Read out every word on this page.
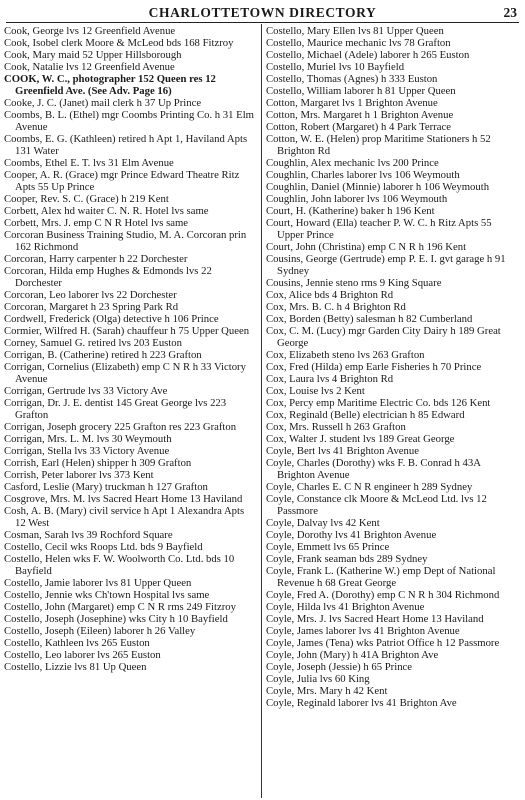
CHARLOTTETOWN DIRECTORY	23
Cook, George lvs 12 Greenfield Avenue
Cook, Isobel clerk Moore & McLeod bds 168 Fitzroy
Cook, Mary maid 52 Upper Hillsborough
Cook, Natalie lvs 12 Greenfield Avenue
COOK, W. C., photographer 152 Queen res 12 Greenfield Ave. (See Adv. Page 16)
Cooke, J. C. (Janet) mail clerk h 37 Up Prince
Coombs, B. L. (Ethel) mgr Coombs Printing Co. h 31 Elm Avenue
Coombs, E. G. (Kathleen) retired h Apt 1, Haviland Apts 131 Water
Coombs, Ethel E. T. lvs 31 Elm Avenue
Cooper, A. R. (Grace) mgr Prince Edward Theatre Ritz Apts 55 Up Prince
Cooper, Rev. S. C. (Grace) h 219 Kent
Corbett, Alex hd waiter C. N. R. Hotel lvs same
Corbett, Mrs. J. emp C N R Hotel lvs same
Corcoran Business Training Studio, M. A. Corcoran prin 162 Richmond
Corcoran, Harry carpenter h 22 Dorchester
Corcoran, Hilda emp Hughes & Edmonds lvs 22 Dorchester
Corcoran, Leo laborer lvs 22 Dorchester
Corcoran, Margaret h 23 Spring Park Rd
Cordwell, Frederick (Olga) detective h 106 Prince
Cormier, Wilfred H. (Sarah) chauffeur h 75 Upper Queen
Corney, Samuel G. retired lvs 203 Euston
Corrigan, B. (Catherine) retired h 223 Grafton
Corrigan, Cornelius (Elizabeth) emp C N R h 33 Victory Avenue
Corrigan, Gertrude lvs 33 Victory Ave
Corrigan, Dr. J. E. dentist 145 Great George lvs 223 Grafton
Corrigan, Joseph grocery 225 Grafton res 223 Grafton
Corrigan, Mrs. L. M. lvs 30 Weymouth
Corrigan, Stella lvs 33 Victory Avenue
Corrish, Earl (Helen) shipper h 309 Grafton
Corrish, Peter laborer lvs 373 Kent
Casford, Leslie (Mary) truckman h 127 Grafton
Cosgrove, Mrs. M. lvs Sacred Heart Home 13 Haviland
Cosh, A. B. (Mary) civil service h Apt 1 Alexandra Apts 12 West
Cosman, Sarah lvs 39 Rochford Square
Costello, Cecil wks Roops Ltd. bds 9 Bayfield
Costello, Helen wks F. W. Woolworth Co. Ltd. bds 10 Bayfield
Costello, Jamie laborer lvs 81 Upper Queen
Costello, Jennie wks Ch'town Hospital lvs same
Costello, John (Margaret) emp C N R rms 249 Fitzroy
Costello, Joseph (Josephine) wks City h 10 Bayfield
Costello, Joseph (Eileen) laborer h 26 Valley
Costello, Kathleen lvs 265 Euston
Costello, Leo laborer lvs 265 Euston
Costello, Lizzie lvs 81 Up Queen
Costello, Mary Ellen lvs 81 Upper Queen
Costello, Maurice mechanic lvs 78 Grafton
Costello, Michael (Adele) laborer h 265 Euston
Costello, Muriel lvs 10 Bayfield
Costello, Thomas (Agnes) h 333 Euston
Costello, William laborer h 81 Upper Queen
Cotton, Margaret lvs 1 Brighton Avenue
Cotton, Mrs. Margaret h 1 Brighton Avenue
Cotton, Robert (Margaret) h 4 Park Terrace
Cotton, W. E. (Helen) prop Maritime Stationers h 52 Brighton Rd
Coughlin, Alex mechanic lvs 200 Prince
Coughlin, Charles laborer lvs 106 Weymouth
Coughlin, Daniel (Minnie) laborer h 106 Weymouth
Coughlin, John laborer lvs 106 Weymouth
Court, H. (Katherine) baker h 196 Kent
Court, Howard (Ella) teacher P. W. C. h Ritz Apts 55 Upper Prince
Court, John (Christina) emp C N R h 196 Kent
Cousins, George (Gertrude) emp P. E. I. gvt garage h 91 Sydney
Cousins, Jennie steno rms 9 King Square
Cox, Alice bds 4 Brighton Rd
Cox, Mrs. B. C. h 4 Brighton Rd
Cox, Borden (Betty) salesman h 82 Cumberland
Cox, C. M. (Lucy) mgr Garden City Dairy h 189 Great George
Cox, Elizabeth steno lvs 263 Grafton
Cox, Fred (Hilda) emp Earle Fisheries h 70 Prince
Cox, Laura lvs 4 Brighton Rd
Cox, Louise lvs 2 Kent
Cox, Percy emp Maritime Electric Co. bds 126 Kent
Cox, Reginald (Belle) electrician h 85 Edward
Cox, Mrs. Russell h 263 Grafton
Cox, Walter J. student lvs 189 Great George
Coyle, Bert lvs 41 Brighton Avenue
Coyle, Charles (Dorothy) wks F. B. Conrad h 43A Brighton Avenue
Coyle, Charles E. C N R engineer h 289 Sydney
Coyle, Constance clk Moore & McLeod Ltd. lvs 12 Passmore
Coyle, Dalvay lvs 42 Kent
Coyle, Dorothy lvs 41 Brighton Avenue
Coyle, Emmett lvs 65 Prince
Coyle, Frank seaman bds 289 Sydney
Coyle, Frank L. (Katherine W.) emp Dept of National Revenue h 68 Great George
Coyle, Fred A. (Dorothy) emp C N R h 304 Richmond
Coyle, Hilda lvs 41 Brighton Avenue
Coyle, Mrs. J. lvs Sacred Heart Home 13 Haviland
Coyle, James laborer lvs 41 Brighton Avenue
Coyle, James (Tena) wks Patriot Office h 12 Passmore
Coyle, John (Mary) h 41A Brighton Ave
Coyle, Joseph (Jessie) h 65 Prince
Coyle, Julia lvs 60 King
Coyle, Mrs. Mary h 42 Kent
Coyle, Reginald laborer lvs 41 Brighton Ave
